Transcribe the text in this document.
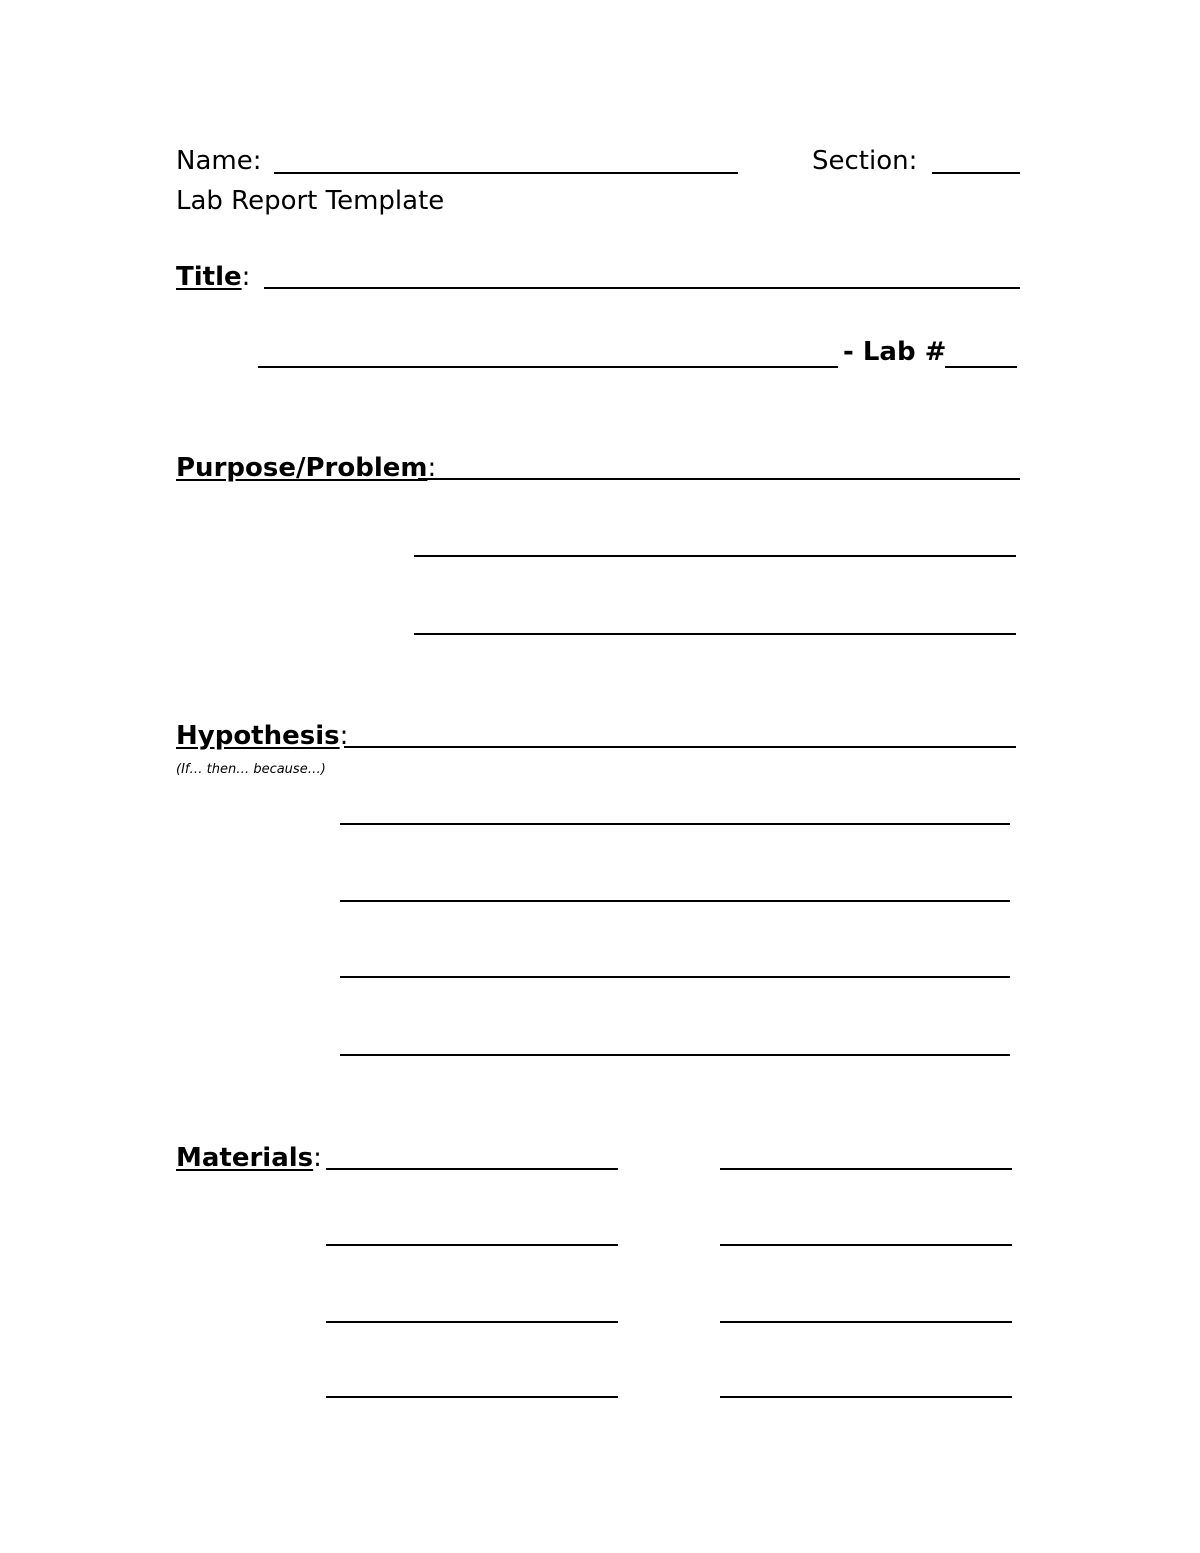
Name:	Section:
Lab Report Template
Title:
- Lab #
Purpose/Problem:
Hypothesis:
(If… then… because…)
Materials:
